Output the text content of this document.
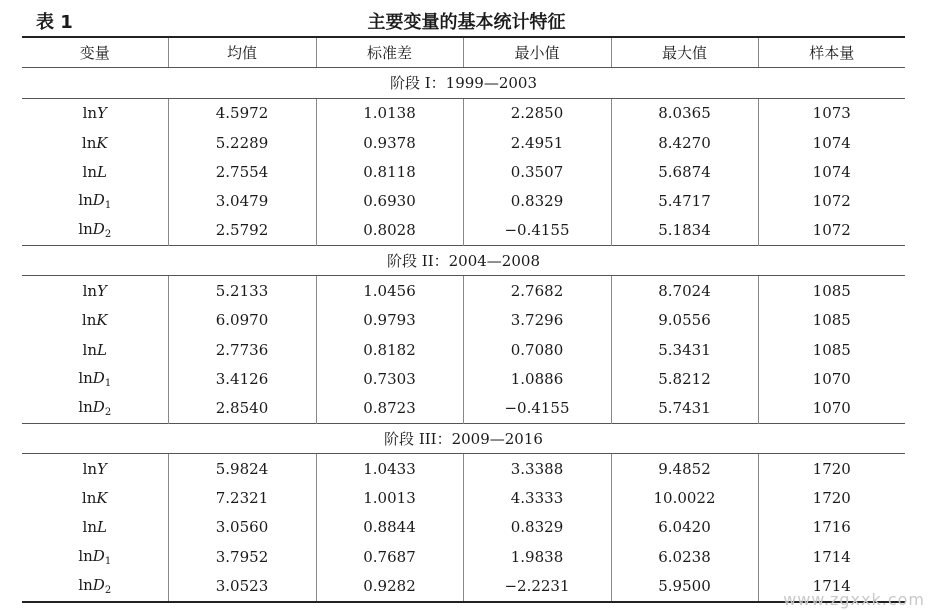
表 1	主要变量的基本统计特征
变量	均值	标准差	最小值	最大值	样本量
阶段 I：1999—2003					
lnY	4.5972	1.0138	2.2850	8.0365	1073
lnK	5.2289	0.9378	2.4951	8.4270	1074
lnL	2.7554	0.8118	0.3507	5.6874	1074
lnD$_1$	3.0479	0.6930	0.8329	5.4717	1072
lnD$_2$	2.5792	0.8028	−0.4155	5.1834	1072
阶段 II：2004—2008					
lnY	5.2133	1.0456	2.7682	8.7024	1085
lnK	6.0970	0.9793	3.7296	9.0556	1085
lnL	2.7736	0.8182	0.7080	5.3431	1085
lnD$_1$	3.4126	0.7303	1.0886	5.8212	1070
lnD$_2$	2.8540	0.8723	−0.4155	5.7431	1070
阶段 III：2009—2016					
lnY	5.9824	1.0433	3.3388	9.4852	1720
lnK	7.2321	1.0013	4.3333	10.0022	1720
lnL	3.0560	0.8844	0.8329	6.0420	1716
lnD$_1$	3.7952	0.7687	1.9838	6.0238	1714
lnD$_2$	3.0523	0.9282	−2.2231	5.9500	1714
www.zgxxk.com
